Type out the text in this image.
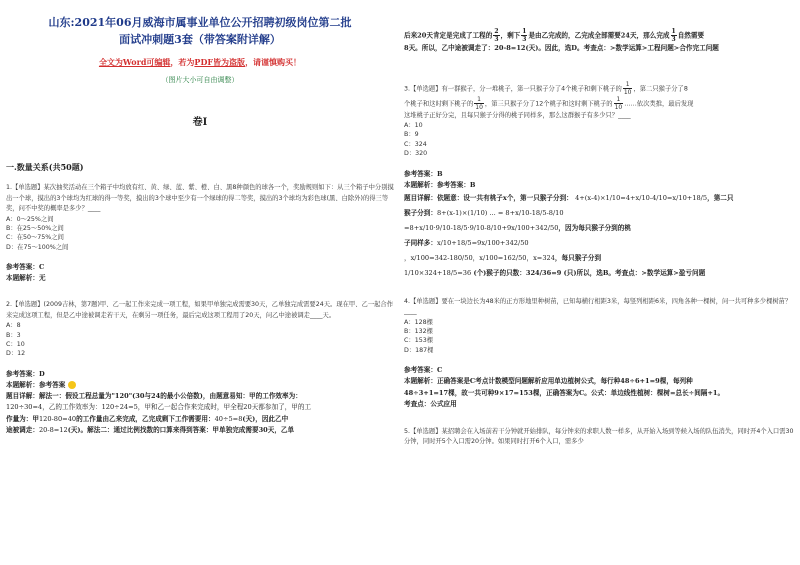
山东:2021年06月威海市属事业单位公开招聘初级岗位第二批
面试冲刺题3套（带答案附详解）
全文为Word可编辑，若为PDF皆为盗版，请谨慎购买！
（图片大小可自由调整）
卷I
一.数量关系(共50题)
1.【单选题】某次抽奖活动在三个箱子中均放有红、黄、绿、蓝、紫、橙、白、黑8种颜色的球各一个，奖励规则如下：从三个箱子中分别摸出一个球，摸出的3个球均为红球的得一等奖，摸出的3个球中至少有一个绿球的得二等奖，摸出的3个球均为彩色球(黑、白除外)的得三等奖，问不中奖的概率是多少？____
A：0～25%之间
B：在25～50%之间
C：在50～75%之间
D：在75～100%之间
参考答案：C
本题解析：无
2.【单选题】(2009吉林，第7题)甲、乙一起工作来完成一项工程，如果甲单独完成需要30天，乙单独完成需要24天。现在甲、乙一起合作来完成这项工程，但是乙中途被调走若干天，在剩另一项任务，最后完成这项工程用了20天，问乙中途被调走____天。
A：8
B：3
C：10
D：12
参考答案：D
本题解析：参考答案
题目详解：解法一：假设工程总量为"120"(30与24的最小公倍数)，由题意易知：甲的工作效率为：
120÷30=4，乙的工作效率为：120÷24=5，甲和乙一起合作来完成时，甲全程20天都参加了，甲的工
作量为：甲120-80=40的工作量由乙来完成，乙完成剩下工作需要用：40÷5=8(天)，因此乙中
途被调走：20-8=12(天)。解法二：通过比例找数的口算来得到答案：甲单独完成需要30天，乙单
后来20天肯定是完成了工程的 $\frac{2}{3}$ ，剩下 $\frac{1}{3}$ 是由乙完成的，乙完成全部需要24天，那么完成 $\frac{1}{3}$ 自然需要
8天。所以，乙中途被调走了：20-8=12(天)。因此，选D。考查点：>数学运算>工程问题>合作完工问题
3.【单选题】有一群猴子，分一堆桃子，第一只猴子分了4个桃子和剩下桃子的 $\frac{1}{10}$ ，第二只猴子分了8
个桃子和这时剩下桃子的 $\frac{1}{10}$ ，第三只猴子分了12个桃子和这时剩下桃子的 $\frac{1}{10}$ ……依次类推，最后发现
这堆桃子正好分完，且每只猴子分得的桃子同样多，那么这群猴子有多少只？____
A：10
B：9
C：324
D：320
参考答案：B
本题解析：参考答案：B
题目详解：依题意：设一共有桃子x个，第一只猴子分到： 4+(x-4)×1/10=4+x/10-4/10=x/10+18/5，第二只
猴子分到：8+(x-1)×(1/10) ... = 8+x/10-18/5-8/10
=8+x/10·9/10-18/5·9/10-8/10+9x/100+342/50，因为每只猴子分到的桃
子同样多：x/10+18/5=9x/100+342/50
，x/100=342-180/50，x/100=162/50，x=324，每只猴子分到
1/10×324+18/5=36 (个)猴子的只数：324/36=9 (只)所以，选B。考查点：>数学运算>盈亏问题
4.【单选题】要在一块边长为48米的正方形地里种树苗，已知每横行相距3米，每竖列相距6米，四角各种一棵树，问一共可种多少棵树苗？____
A：128棵
B：132棵
C：153棵
D：187棵
参考答案：C
本题解析：正确答案是C考点计数模型问题解析应用单边植树公式，每行种48÷6+1=9棵，每列种
48÷3+1=17棵，故一共可种9×17=153棵，正确答案为C。公式：单边线性植树：棵树=总长÷间隔+1。
考查点：公式应用
5.【单选题】某招聘会在入场前若干分钟就开始排队，每分钟来的求职人数一样多，从开始入场到等候入场的队伍消失，同时开4个入口需30分钟，同时开5个入口需20分钟。如果同时打开6个入口，需多少
